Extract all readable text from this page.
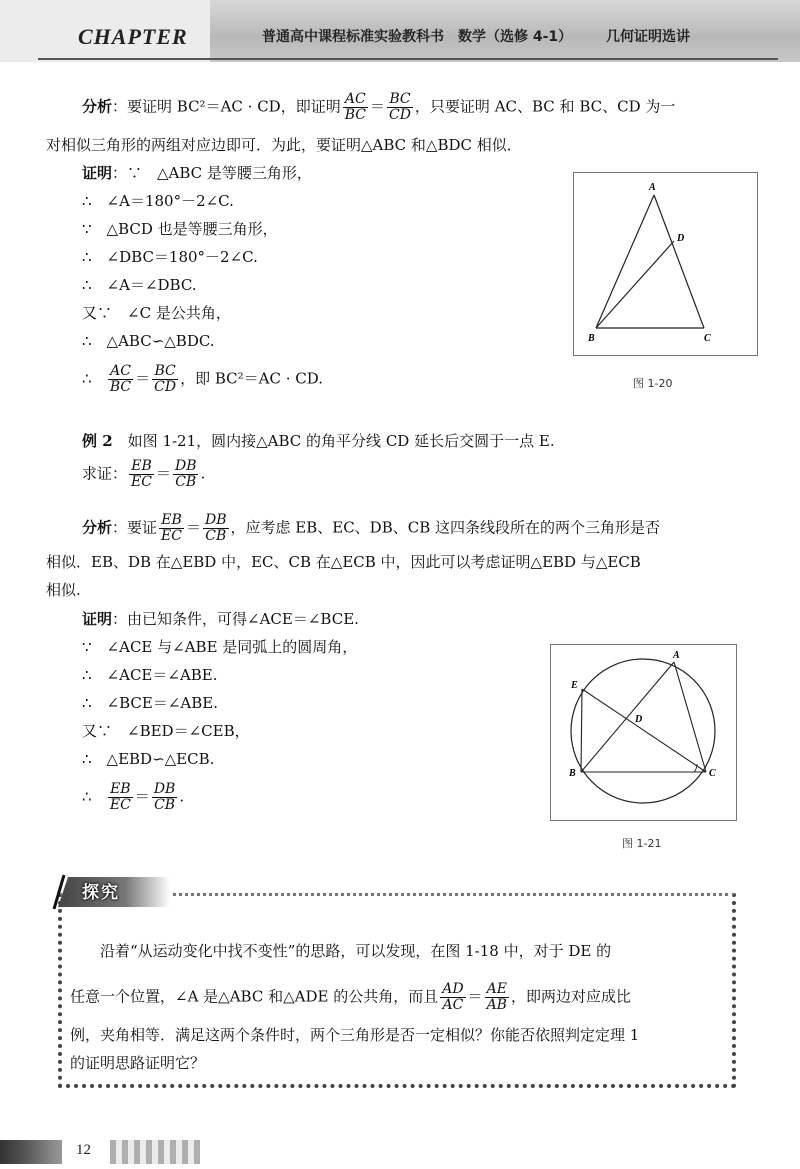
CHAPTER	普通高中课程标准实验教科书　数学（选修 4-1） 几何证明选讲
分析：要证明 BC²＝AC · CD，即证明 $\frac{AC}{BC} = \frac{BC}{CD}$ ，只要证明 AC、BC 和 BC、CD 为一
对相似三角形的两组对应边即可．为此，要证明△ABC 和△BDC 相似．
证明：∵　△ABC 是等腰三角形，
∴　∠A＝180°－2∠C.
∵　△BCD 也是等腰三角形，
∴　∠DBC＝180°－2∠C.
∴　∠A＝∠DBC.
又∵　∠C 是公共角，
∴　△ABC∽△BDC.
∴ $\frac{AC}{BC} = \frac{BC}{CD}$ ，即 BC²＝AC · CD.
A
D
B	C
图 1-20
例 2　如图 1-21，圆内接△ABC 的角平分线 CD 延长后交圆于一点 E.
求证： $\frac{EB}{EC} = \frac{DB}{CB}$ .
分析：要证 $\frac{EB}{EC} = \frac{DB}{CB}$ ，应考虑 EB、EC、DB、CB 这四条线段所在的两个三角形是否
相似．EB、DB 在△EBD 中，EC、CB 在△ECB 中，因此可以考虑证明△EBD 与△ECB
相似.
证明：由已知条件，可得∠ACE＝∠BCE.
∵　∠ACE 与∠ABE 是同弧上的圆周角，
∴　∠ACE＝∠ABE.
∴　∠BCE＝∠ABE.
又∵　∠BED＝∠CEB，
∴　△EBD∽△ECB.
∴ $\frac{EB}{EC} = \frac{DB}{CB}$ .
A
E
D
B	C
图 1-21
探究
沿着“从运动变化中找不变性”的思路，可以发现，在图 1-18 中，对于 DE 的
任意一个位置，∠A 是△ABC 和△ADE 的公共角，而且 $\frac{AD}{AC} = \frac{AE}{AB}$ ，即两边对应成比
例，夹角相等．满足这两个条件时，两个三角形是否一定相似？你能否依照判定定理 1
的证明思路证明它？
12
